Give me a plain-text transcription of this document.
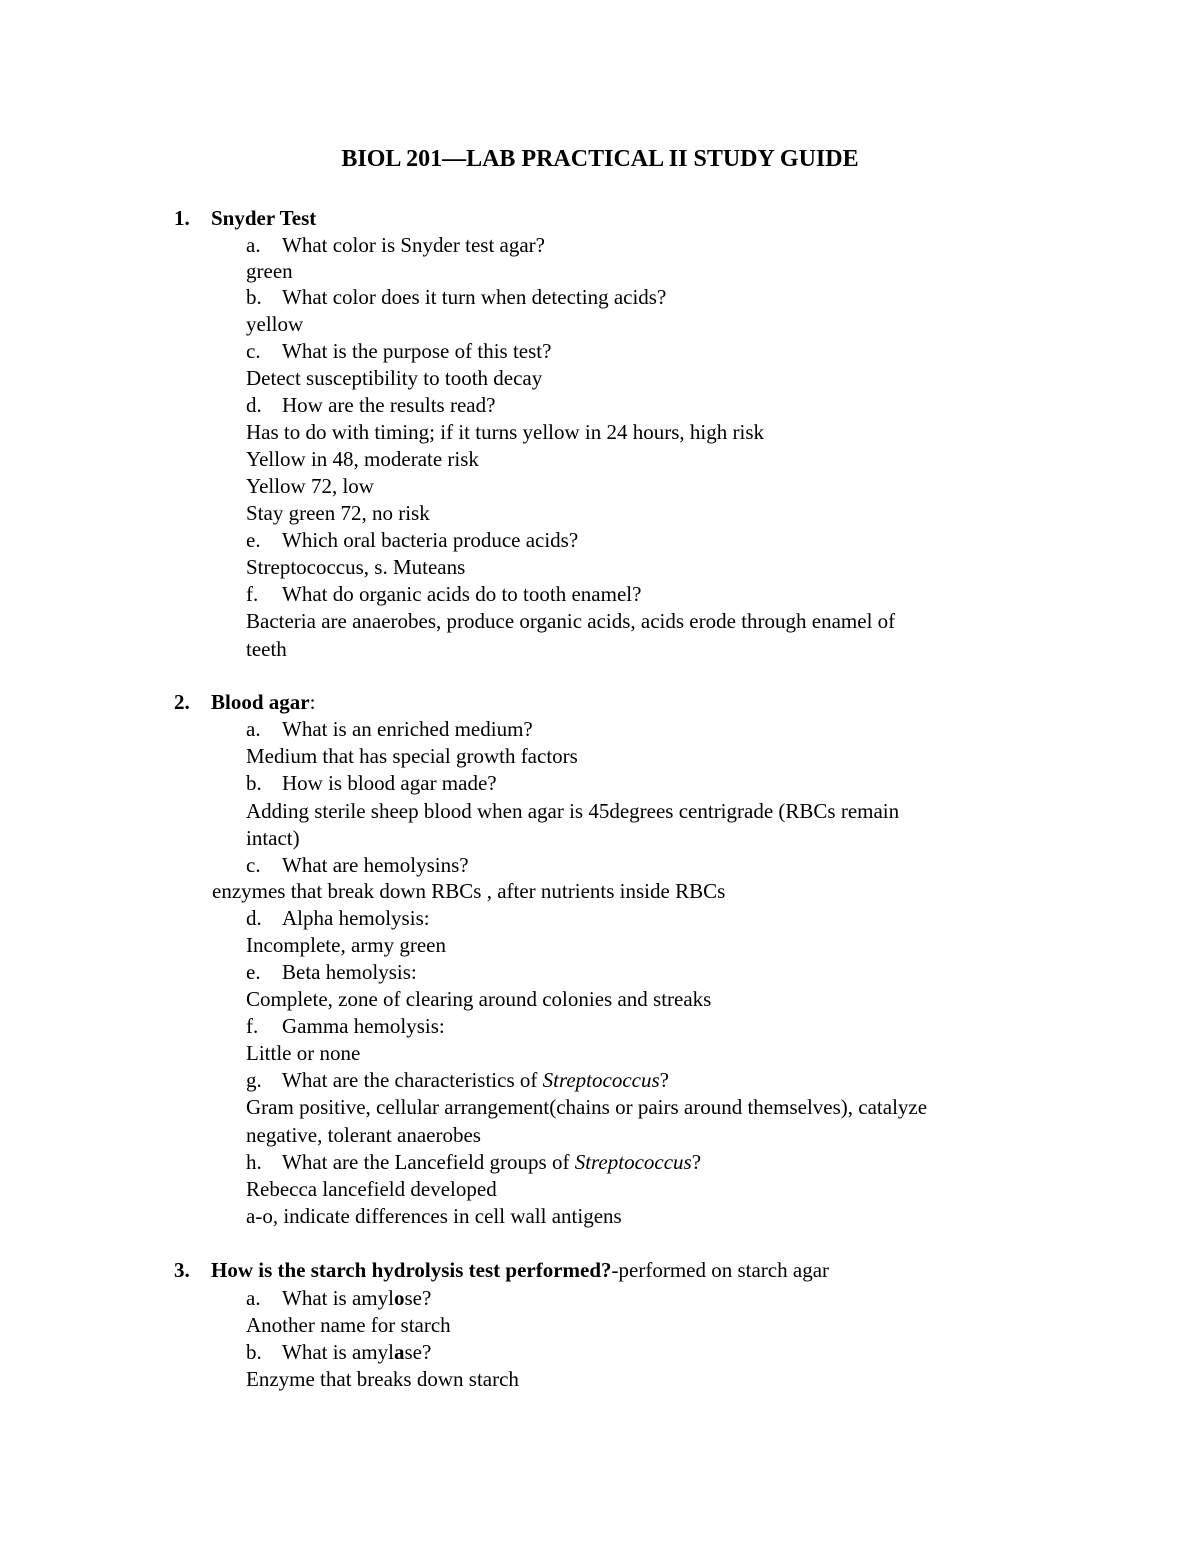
BIOL 201—LAB PRACTICAL II STUDY GUIDE
1. Snyder Test
a. What color is Snyder test agar?
green
b. What color does it turn when detecting acids?
yellow
c. What is the purpose of this test?
Detect susceptibility to tooth decay
d. How are the results read?
Has to do with timing; if it turns yellow in 24 hours, high risk
Yellow in 48, moderate risk
Yellow 72, low
Stay green 72, no risk
e. Which oral bacteria produce acids?
Streptococcus, s. Muteans
f. What do organic acids do to tooth enamel?
Bacteria are anaerobes, produce organic acids, acids erode through enamel of
teeth
2. Blood agar:
a. What is an enriched medium?
Medium that has special growth factors
b. How is blood agar made?
Adding sterile sheep blood when agar is 45degrees centrigrade (RBCs remain
intact)
c. What are hemolysins?
enzymes that break down RBCs , after nutrients inside RBCs
d. Alpha hemolysis:
Incomplete, army green
e. Beta hemolysis:
Complete, zone of clearing around colonies and streaks
f. Gamma hemolysis:
Little or none
g. What are the characteristics of Streptococcus?
Gram positive, cellular arrangement(chains or pairs around themselves), catalyze
negative, tolerant anaerobes
h. What are the Lancefield groups of Streptococcus?
Rebecca lancefield developed
a-o, indicate differences in cell wall antigens
3. How is the starch hydrolysis test performed?-performed on starch agar
a. What is amylose?
Another name for starch
b. What is amylase?
Enzyme that breaks down starch
